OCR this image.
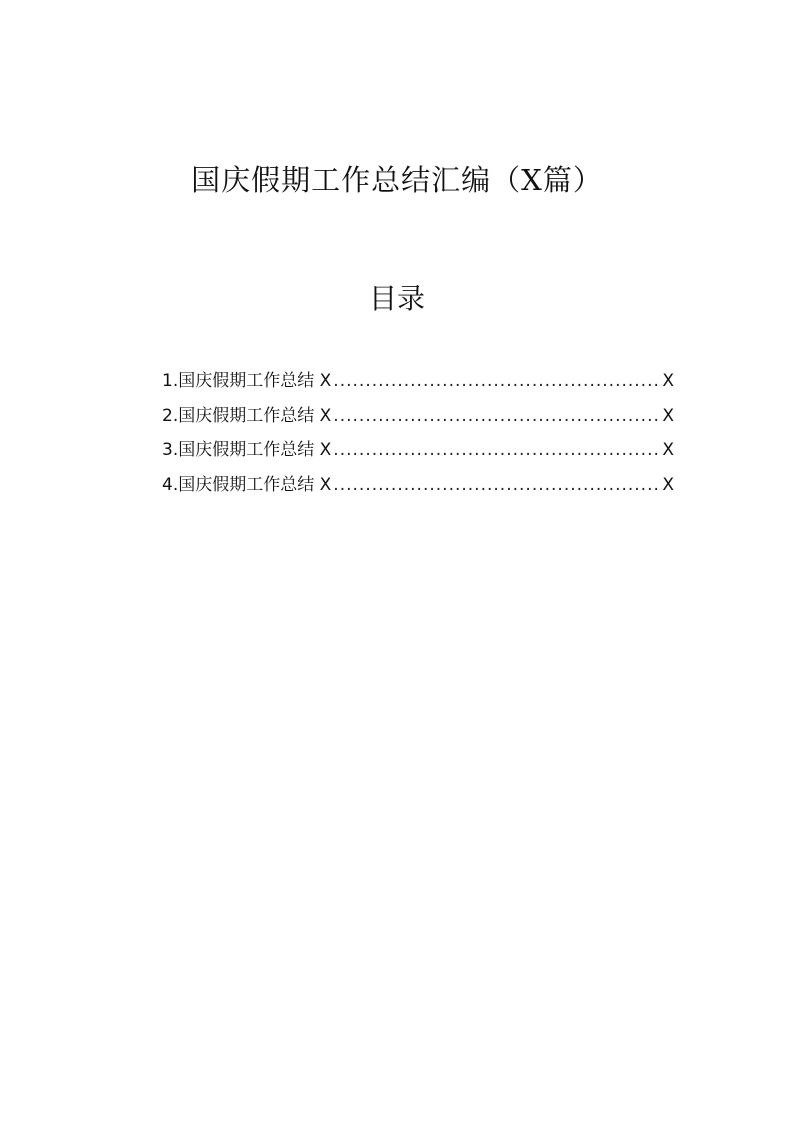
国庆假期工作总结汇编（X篇）
目录
1. 国庆假期工作总结 X .....	X
2. 国庆假期工作总结 X .....	X
3. 国庆假期工作总结 X .....	X
4. 国庆假期工作总结 X .....	X
